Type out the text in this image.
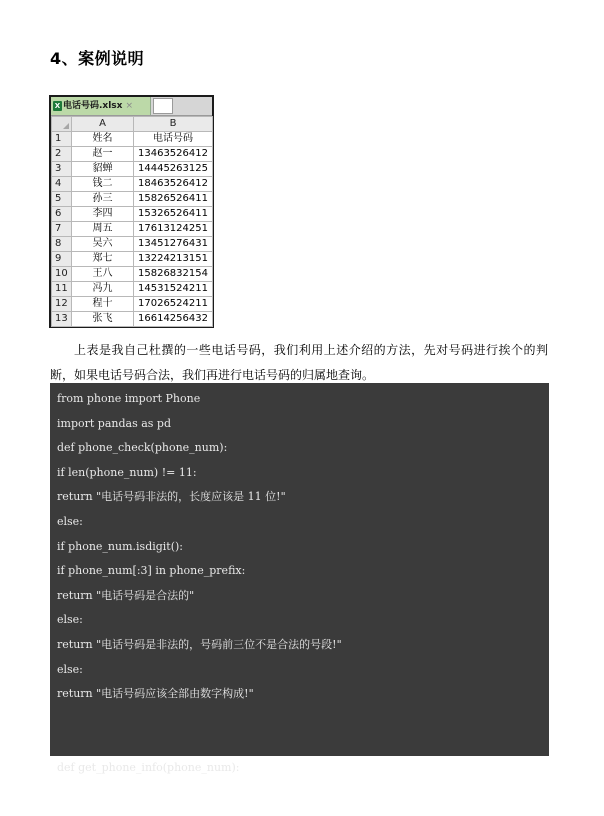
4、案例说明
X 电话号码.xlsx ×
	A	B
1	姓名	电话号码
2	赵一	13463526412
3	貂蝉	14445263125
4	钱二	18463526412
5	孙三	15826526411
6	李四	15326526411
7	周五	17613124251
8	吴六	13451276431
9	郑七	13224213151
10	王八	15826832154
11	冯九	14531524211
12	程十	17026524211
13	张飞	16614256432
上表是我自己杜撰的一些电话号码，我们利用上述介绍的方法，先对号码进行挨个的判断，如果电话号码合法，我们再进行电话号码的归属地查询。
from phone import Phone
import pandas as pd
def phone_check(phone_num):
if len(phone_num) != 11:
return "电话号码非法的，长度应该是 11 位!"
else:
if phone_num.isdigit():
if phone_num[:3] in phone_prefix:
return "电话号码是合法的"
else:
return "电话号码是非法的，号码前三位不是合法的号段!"
else:
return "电话号码应该全部由数字构成!"
def get_phone_info(phone_num):
